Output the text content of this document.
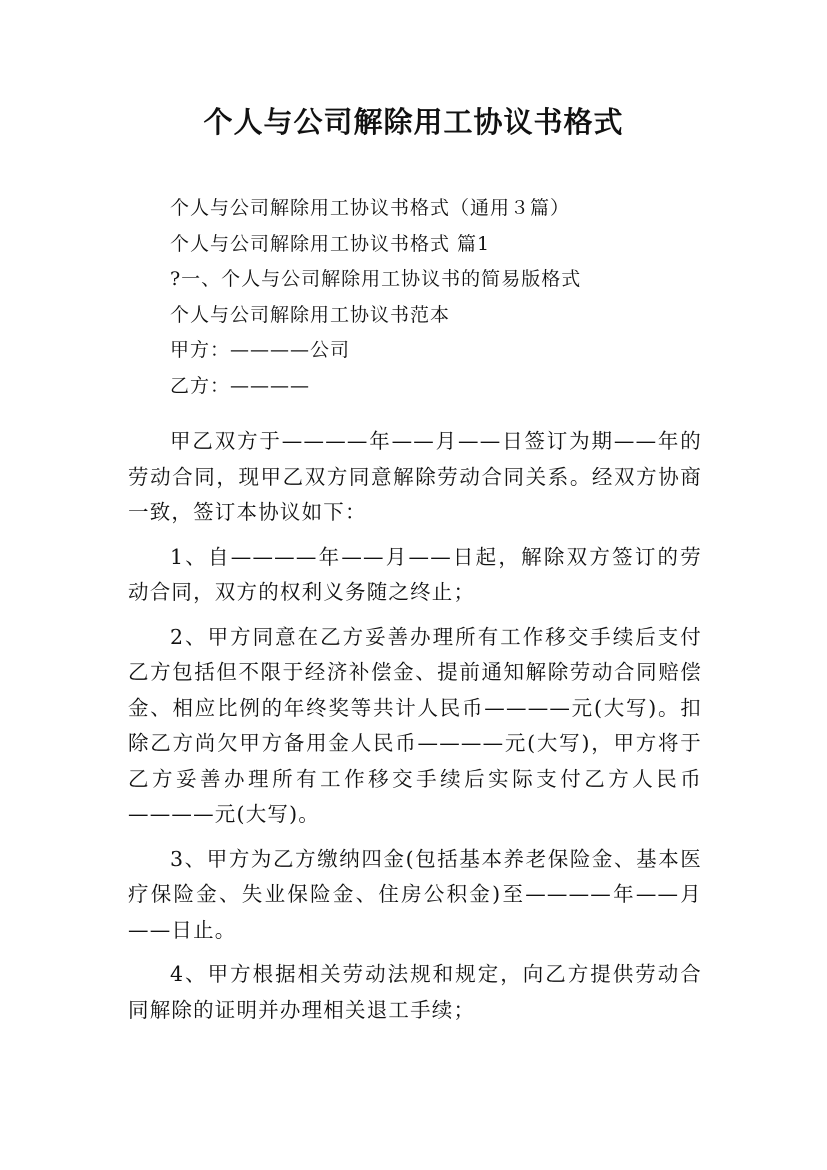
个人与公司解除用工协议书格式
个人与公司解除用工协议书格式（通用３篇）
个人与公司解除用工协议书格式 篇1
?一、个人与公司解除用工协议书的简易版格式
个人与公司解除用工协议书范本
甲方：————公司
乙方：————

甲乙双方于————年——月——日签订为期——年的劳动合同，现甲乙双方同意解除劳动合同关系。经双方协商一致，签订本协议如下：

1、自————年——月——日起，解除双方签订的劳动合同，双方的权利义务随之终止；

2、甲方同意在乙方妥善办理所有工作移交手续后支付乙方包括但不限于经济补偿金、提前通知解除劳动合同赔偿金、相应比例的年终奖等共计人民币————元(大写)。扣除乙方尚欠甲方备用金人民币————元(大写)，甲方将于乙方妥善办理所有工作移交手续后实际支付乙方人民币————元(大写)。

3、甲方为乙方缴纳四金(包括基本养老保险金、基本医疗保险金、失业保险金、住房公积金)至————年——月——日止。

4、甲方根据相关劳动法规和规定，向乙方提供劳动合同解除的证明并办理相关退工手续；
